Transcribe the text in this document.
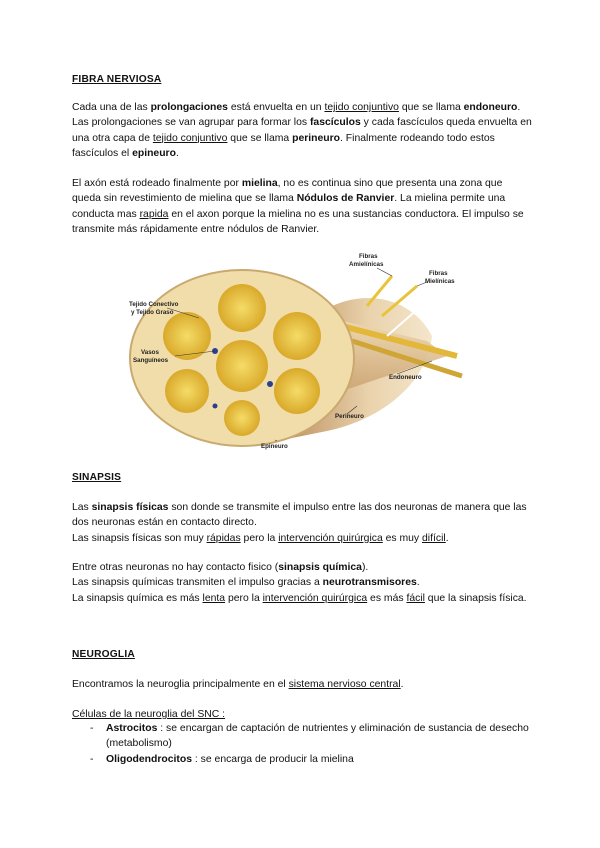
FIBRA NERVIOSA

Cada una de las prolongaciones está envuelta en un tejido conjuntivo que se llama endoneuro. Las prolongaciones se van agrupar para formar los fascículos y cada fascículos queda envuelta en una otra capa de tejido conjuntivo que se llama perineuro. Finalmente rodeando todo estos fascículos el epineuro.

El axón está rodeado finalmente por mielina, no es continua sino que presenta una zona que queda sin revestimiento de mielina que se llama Nódulos de Ranvier. La mielina permite una conducta mas rapida en el axon porque la mielina no es una sustancias conductora. El impulso se transmite más rápidamente entre nódulos de Ranvier.

Fibras
Amielínicas
Fibras
Mielínicas
Tejido Conectivo
y Tejido Graso
Vasos
Sanguíneos
Endoneuro
Perineuro
Epineuro
SINAPSIS

Las sinapsis físicas son donde se transmite el impulso entre las dos neuronas de manera que las dos neuronas están en contacto directo.
Las sinapsis físicas son muy rápidas pero la intervención quirúrgica es muy difícil.

Entre otras neuronas no hay contacto fisico (sinapsis química).
Las sinapsis químicas transmiten el impulso gracias a neurotransmisores.
La sinapsis química es más lenta pero la intervención quirúrgica es más fácil que la sinapsis física.

NEUROGLIA

Encontramos la neuroglia principalmente en el sistema nervioso central.

Células de la neuroglia del SNC :
- Astrocitos : se encargan de captación de nutrientes y eliminación de sustancia de desecho (metabolismo)
- Oligodendrocitos : se encarga de producir la mielina
